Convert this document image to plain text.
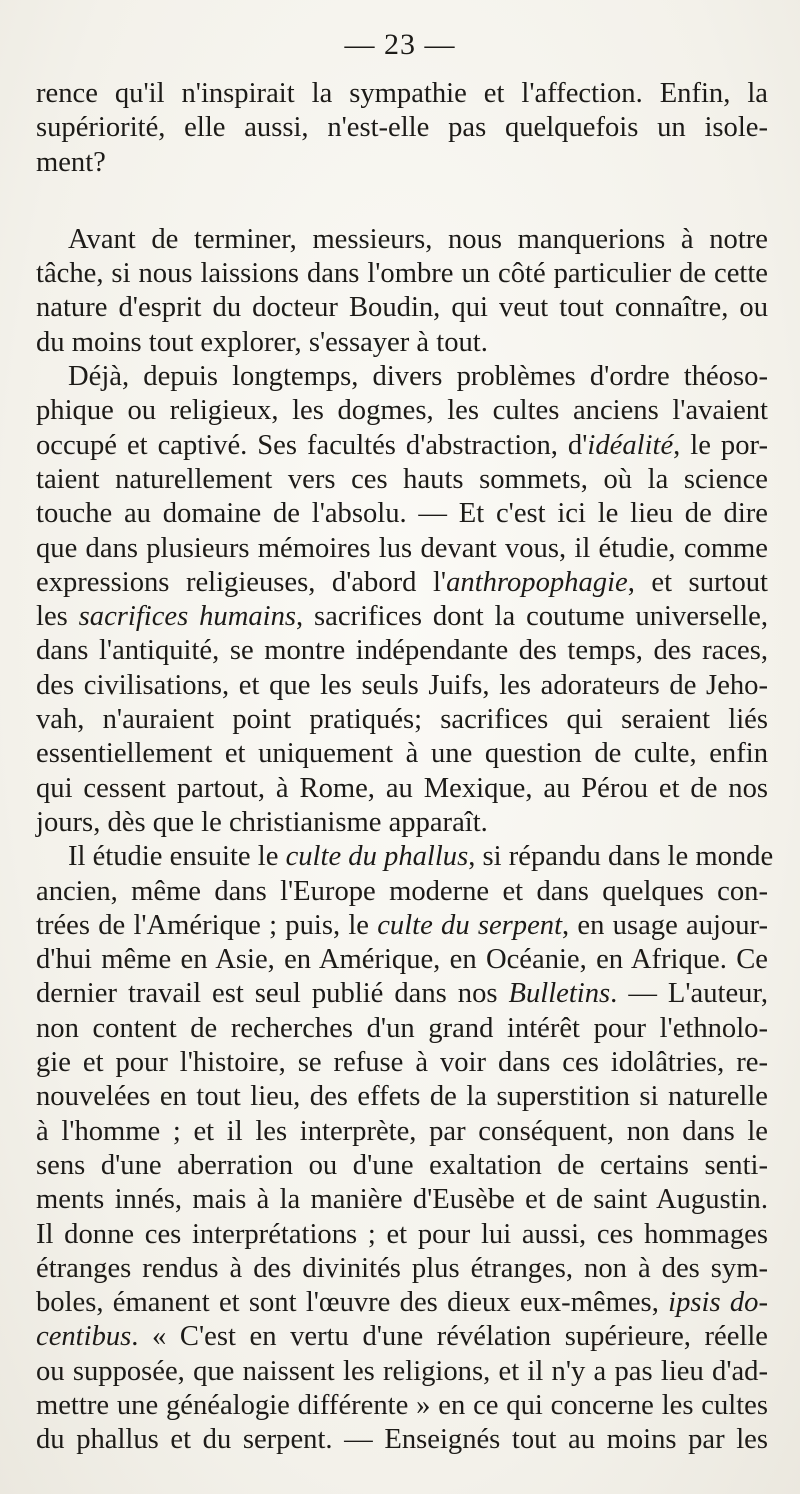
— 23 —
rence qu'il n'inspirait la sympathie et l'affection. Enfin, la
supériorité, elle aussi, n'est-elle pas quelquefois un isole-
ment?
Avant de terminer, messieurs, nous manquerions à notre
tâche, si nous laissions dans l'ombre un côté particulier de cette
nature d'esprit du docteur Boudin, qui veut tout connaître, ou
du moins tout explorer, s'essayer à tout.
Déjà, depuis longtemps, divers problèmes d'ordre théoso-
phique ou religieux, les dogmes, les cultes anciens l'avaient
occupé et captivé. Ses facultés d'abstraction, d'idéalité, le por-
taient naturellement vers ces hauts sommets, où la science
touche au domaine de l'absolu. — Et c'est ici le lieu de dire
que dans plusieurs mémoires lus devant vous, il étudie, comme
expressions religieuses, d'abord l'anthropophagie, et surtout
les sacrifices humains, sacrifices dont la coutume universelle,
dans l'antiquité, se montre indépendante des temps, des races,
des civilisations, et que les seuls Juifs, les adorateurs de Jeho-
vah, n'auraient point pratiqués; sacrifices qui seraient liés
essentiellement et uniquement à une question de culte, enfin
qui cessent partout, à Rome, au Mexique, au Pérou et de nos
jours, dès que le christianisme apparaît.
Il étudie ensuite le culte du phallus, si répandu dans le monde
ancien, même dans l'Europe moderne et dans quelques con-
trées de l'Amérique ; puis, le culte du serpent, en usage aujour-
d'hui même en Asie, en Amérique, en Océanie, en Afrique. Ce
dernier travail est seul publié dans nos Bulletins. — L'auteur,
non content de recherches d'un grand intérêt pour l'ethnolo-
gie et pour l'histoire, se refuse à voir dans ces idolâtries, re-
nouvelées en tout lieu, des effets de la superstition si naturelle
à l'homme ; et il les interprète, par conséquent, non dans le
sens d'une aberration ou d'une exaltation de certains senti-
ments innés, mais à la manière d'Eusèbe et de saint Augustin.
Il donne ces interprétations ; et pour lui aussi, ces hommages
étranges rendus à des divinités plus étranges, non à des sym-
boles, émanent et sont l'œuvre des dieux eux-mêmes, ipsis do-
centibus. « C'est en vertu d'une révélation supérieure, réelle
ou supposée, que naissent les religions, et il n'y a pas lieu d'ad-
mettre une généalogie différente » en ce qui concerne les cultes
du phallus et du serpent. — Enseignés tout au moins par les
